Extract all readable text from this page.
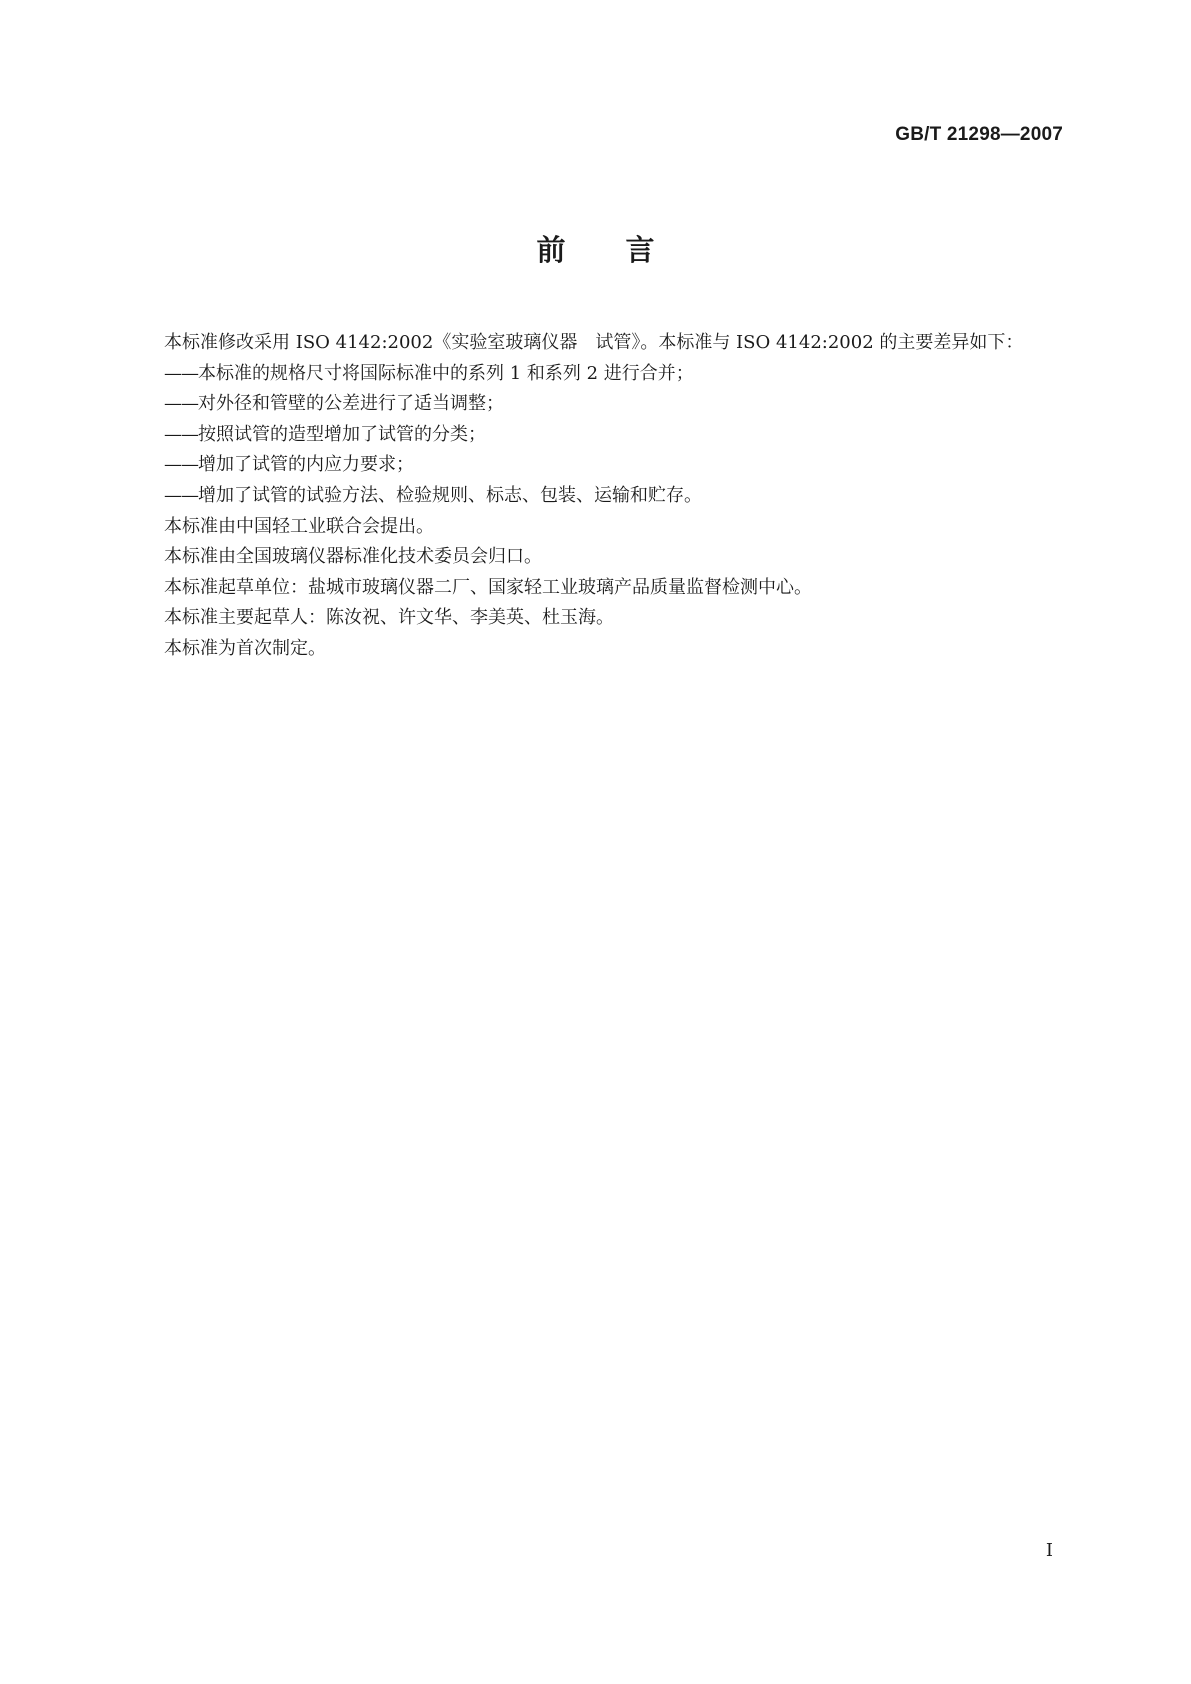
GB/T 21298—2007
前言

本标准修改采用 ISO 4142:2002《实验室玻璃仪器　试管》。本标准与 ISO 4142:2002 的主要差异如下：

——本标准的规格尺寸将国际标准中的系列 1 和系列 2 进行合并；
——对外径和管壁的公差进行了适当调整；
——按照试管的造型增加了试管的分类；
——增加了试管的内应力要求；
——增加了试管的试验方法、检验规则、标志、包装、运输和贮存。

本标准由中国轻工业联合会提出。

本标准由全国玻璃仪器标准化技术委员会归口。

本标准起草单位：盐城市玻璃仪器二厂、国家轻工业玻璃产品质量监督检测中心。

本标准主要起草人：陈汝祝、许文华、李美英、杜玉海。

本标准为首次制定。

I
